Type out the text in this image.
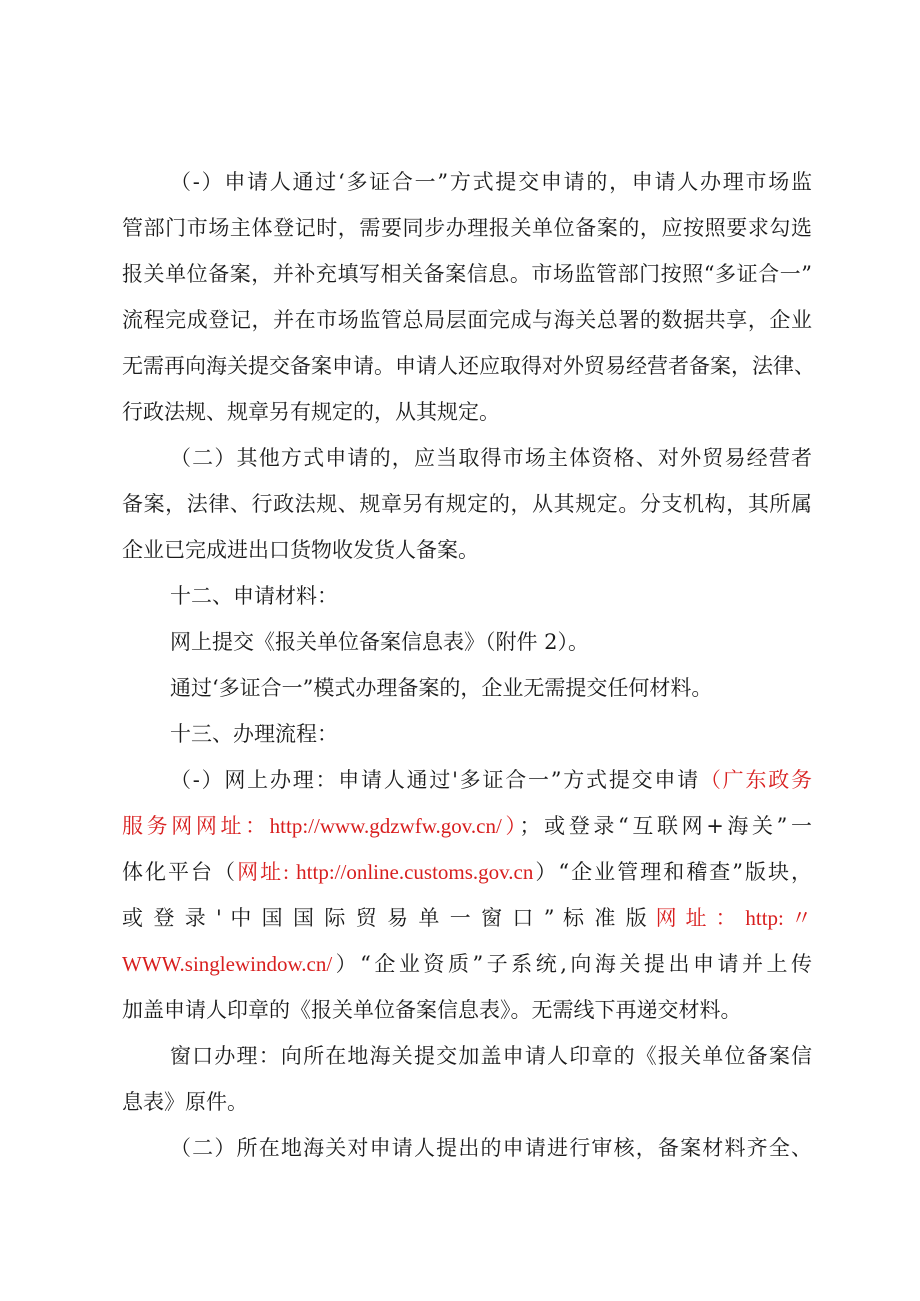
（-）申请人通过‘多证合一”方式提交申请的，申请人办理市场监
管部门市场主体登记时，需要同步办理报关单位备案的，应按照要求勾选
报关单位备案，并补充填写相关备案信息。市场监管部门按照“多证合一”
流程完成登记，并在市场监管总局层面完成与海关总署的数据共享，企业
无需再向海关提交备案申请。申请人还应取得对外贸易经营者备案，法律、
行政法规、规章另有规定的，从其规定。
（二）其他方式申请的，应当取得市场主体资格、对外贸易经营者
备案，法律、行政法规、规章另有规定的，从其规定。分支机构，其所属
企业已完成进出口货物收发货人备案。
十二、申请材料：
网上提交《报关单位备案信息表》（附件 2）。
通过‘多证合一”模式办理备案的，企业无需提交任何材料。
十三、办理流程：
（-）网上办理：申请人通过'多证合一”方式提交申请（广东政务
服务网网址：http://www.gdzwfw.gov.cn/）；或登录“互联网+海关”一
体化平台（网址: http://online.customs.gov.cn）“企业管理和稽查”版块，
或 登 录 ' 中 国 国 际 贸 易 单 一 窗 口 ” 标 准 版 网 址 ： http: 〃
WWW.singlewindow.cn/）“企业资质”子系统,向海关提出申请并上传
加盖申请人印章的《报关单位备案信息表》。无需线下再递交材料。
窗口办理：向所在地海关提交加盖申请人印章的《报关单位备案信
息表》原件。
（二）所在地海关对申请人提出的申请进行审核，备案材料齐全、
